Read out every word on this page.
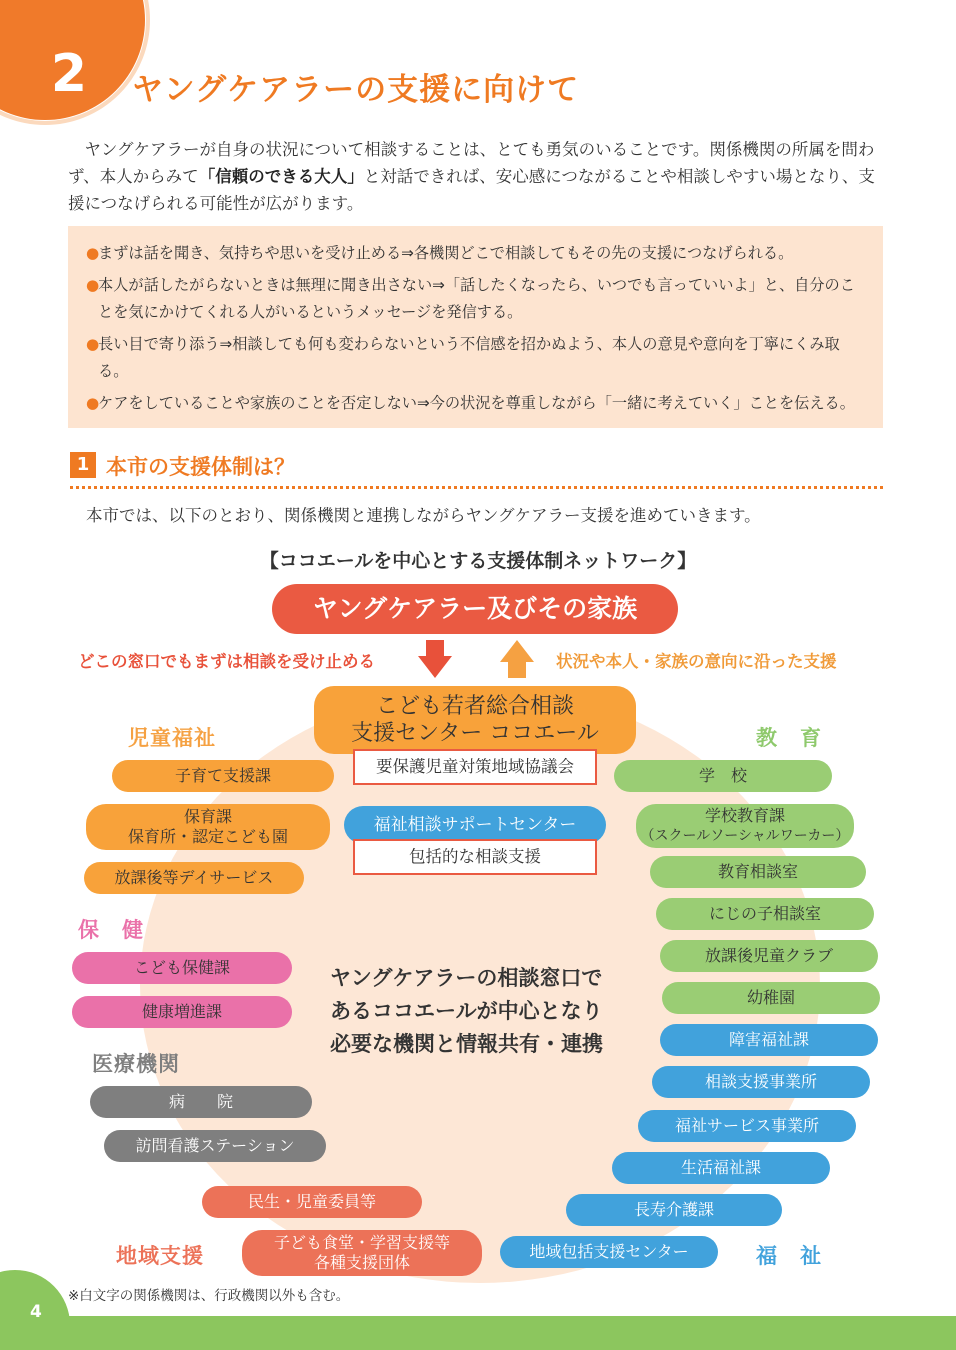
2 ヤングケアラーの支援に向けて

ヤングケアラーが自身の状況について相談することは、とても勇気のいることです。関係機関の所属を問わず、本人からみて「信頼のできる大人」と対話できれば、安心感につながることや相談しやすい場となり、支援につなげられる可能性が広がります。

●
まずは話を聞き、気持ちや思いを受け止める⇒各機関どこで相談してもその先の支援につなげられる。
●
本人が話したがらないときは無理に聞き出さない⇒「話したくなったら、いつでも言っていいよ」と、自分のことを気にかけてくれる人がいるというメッセージを発信する。
●
長い目で寄り添う⇒相談しても何も変わらないという不信感を招かぬよう、本人の意見や意向を丁寧にくみ取る。
●
ケアをしていることや家族のことを否定しない⇒今の状況を尊重しながら「一緒に考えていく」ことを伝える。
1 本市の支援体制は？
本市では、以下のとおり、関係機関と連携しながらヤングケアラー支援を進めていきます。
【ココエールを中心とする支援体制ネットワーク】
ヤングケアラー及びその家族
どこの窓口でもまずは相談を受け止める	状況や本人・家族の意向に沿った支援
こども若者総合相談
支援センター ココエール
要保護児童対策地域協議会
福祉相談サポートセンター
包括的な相談支援
ヤングケアラーの相談窓口で
あるココエールが中心となり
必要な機関と情報共有・連携
児童福祉	教　育
保　健
医療機関
地域支援	福　祉
子育て支援課
保育課
保育所・認定こども園
放課後等デイサービス
こども保健課
健康増進課
病　　院
訪問看護ステーション
民生・児童委員等
子ども食堂・学習支援等
各種支援団体
学　校
学校教育課
（スクールソーシャルワーカー）
教育相談室
にじの子相談室
放課後児童クラブ
幼稚園
障害福祉課
相談支援事業所
福祉サービス事業所
生活福祉課
長寿介護課
地域包括支援センター
※白文字の関係機関は、行政機関以外も含む。
4
